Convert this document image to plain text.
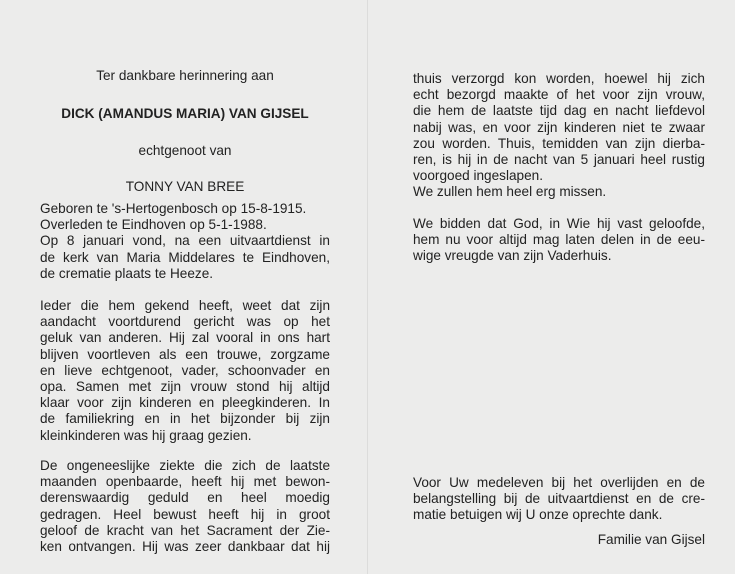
Ter dankbare herinnering aan
DICK (AMANDUS MARIA) VAN GIJSEL
echtgenoot van
TONNY VAN BREE
Geboren te 's-Hertogenbosch op 15-8-1915.
Overleden te Eindhoven op 5-1-1988.
Op 8 januari vond, na een uitvaartdienst in
de kerk van Maria Middelares te Eindhoven,
de crematie plaats te Heeze.
Ieder die hem gekend heeft, weet dat zijn
aandacht voortdurend gericht was op het
geluk van anderen. Hij zal vooral in ons hart
blijven voortleven als een trouwe, zorgzame
en lieve echtgenoot, vader, schoonvader en
opa. Samen met zijn vrouw stond hij altijd
klaar voor zijn kinderen en pleegkinderen. In
de familiekring en in het bijzonder bij zijn
kleinkinderen was hij graag gezien.
De ongeneeslijke ziekte die zich de laatste
maanden openbaarde, heeft hij met bewon-
derenswaardig geduld en heel moedig
gedragen. Heel bewust heeft hij in groot
geloof de kracht van het Sacrament der Zie-
ken ontvangen. Hij was zeer dankbaar dat hij
thuis verzorgd kon worden, hoewel hij zich
echt bezorgd maakte of het voor zijn vrouw,
die hem de laatste tijd dag en nacht liefdevol
nabij was, en voor zijn kinderen niet te zwaar
zou worden. Thuis, temidden van zijn dierba-
ren, is hij in de nacht van 5 januari heel rustig
voorgoed ingeslapen.
We zullen hem heel erg missen.
We bidden dat God, in Wie hij vast geloofde,
hem nu voor altijd mag laten delen in de eeu-
wige vreugde van zijn Vaderhuis.
Voor Uw medeleven bij het overlijden en de
belangstelling bij de uitvaartdienst en de cre-
matie betuigen wij U onze oprechte dank.
Familie van Gijsel
